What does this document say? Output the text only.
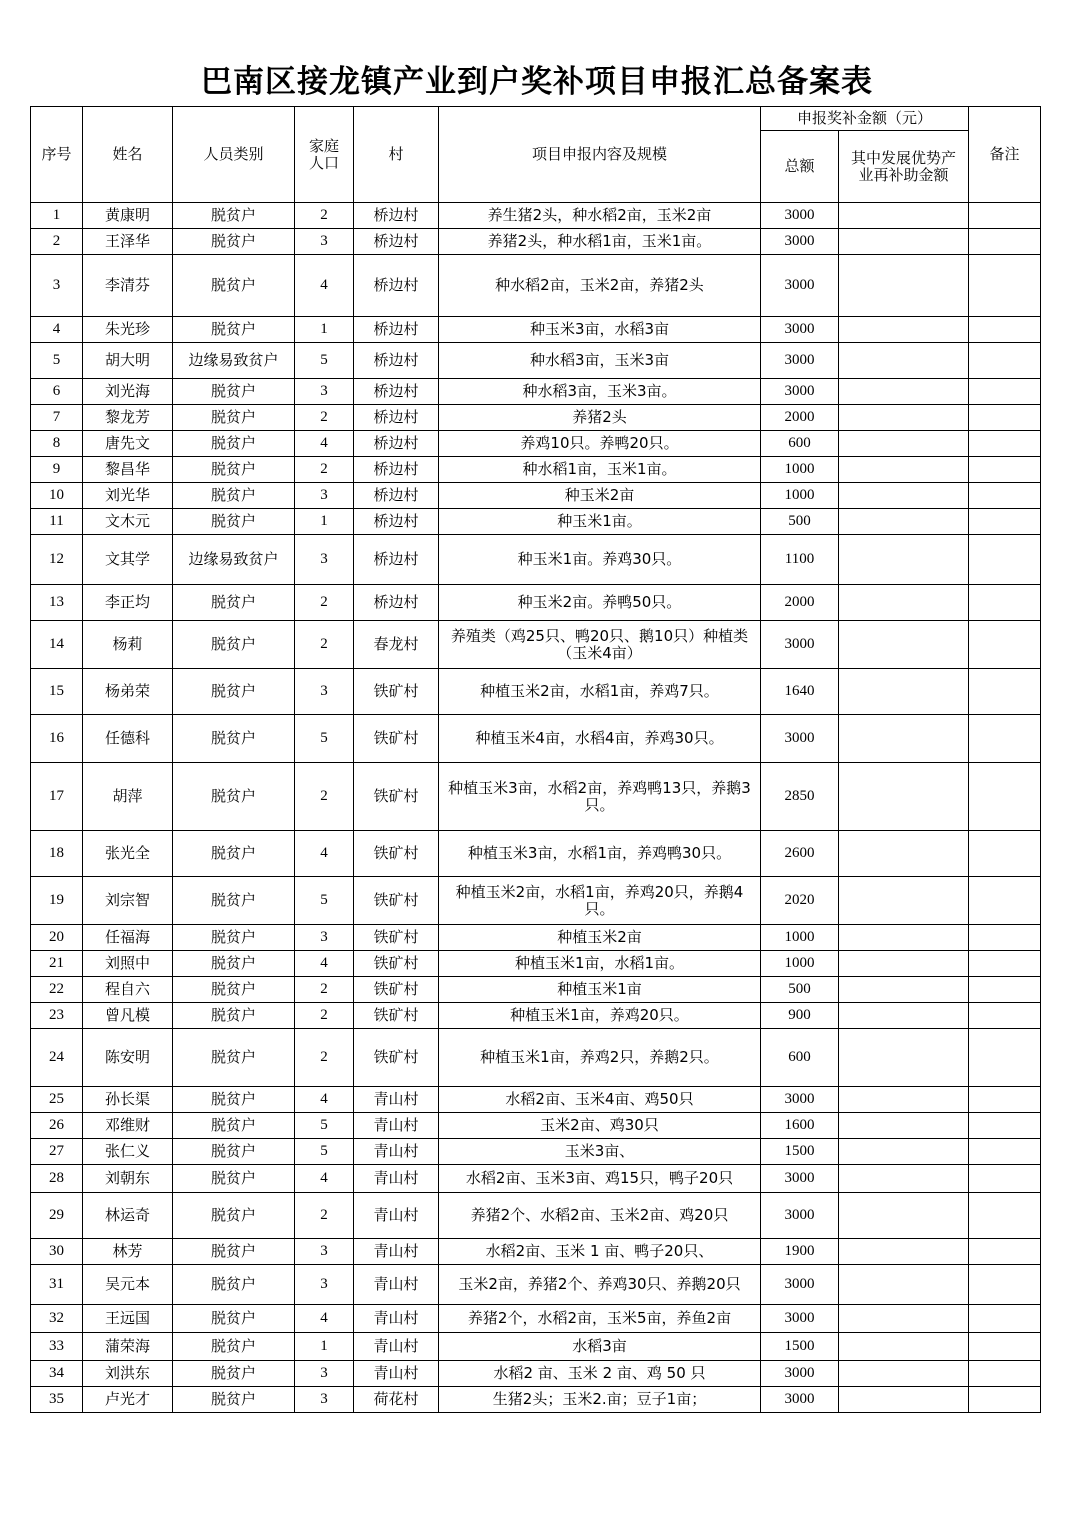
巴南区接龙镇产业到户奖补项目申报汇总备案表
序号	姓名	人员类别	家庭
人口	村	项目申报内容及规模	申报奖补金额（元）		备注
						总额	其中发展优势产业再补助金额	
1	黄康明	脱贫户	2	桥边村	养生猪2头，种水稻2亩，玉米2亩	3000		
2	王泽华	脱贫户	3	桥边村	养猪2头，种水稻1亩，玉米1亩。	3000		
3	李清芬	脱贫户	4	桥边村	种水稻2亩，玉米2亩，养猪2头	3000		
4	朱光珍	脱贫户	1	桥边村	种玉米3亩，水稻3亩	3000		
5	胡大明	边缘易致贫户	5	桥边村	种水稻3亩，玉米3亩	3000		
6	刘光海	脱贫户	3	桥边村	种水稻3亩，玉米3亩。	3000		
7	黎龙芳	脱贫户	2	桥边村	养猪2头	2000		
8	唐先文	脱贫户	4	桥边村	养鸡10只。养鸭20只。	600		
9	黎昌华	脱贫户	2	桥边村	种水稻1亩，玉米1亩。	1000		
10	刘光华	脱贫户	3	桥边村	种玉米2亩	1000		
11	文木元	脱贫户	1	桥边村	种玉米1亩。	500		
12	文其学	边缘易致贫户	3	桥边村	种玉米1亩。养鸡30只。	1100		
13	李正均	脱贫户	2	桥边村	种玉米2亩。养鸭50只。	2000		
14	杨莉	脱贫户	2	春龙村	养殖类（鸡25只、鸭20只、鹅10只）种植类（玉米4亩）	3000		
15	杨弟荣	脱贫户	3	铁矿村	种植玉米2亩，水稻1亩，养鸡7只。	1640		
16	任德科	脱贫户	5	铁矿村	种植玉米4亩，水稻4亩，养鸡30只。	3000		
17	胡萍	脱贫户	2	铁矿村	种植玉米3亩，水稻2亩，养鸡鸭13只，养鹅3只。	2850		
18	张光全	脱贫户	4	铁矿村	种植玉米3亩，水稻1亩，养鸡鸭30只。	2600		
19	刘宗智	脱贫户	5	铁矿村	种植玉米2亩，水稻1亩，养鸡20只，养鹅4只。	2020		
20	任福海	脱贫户	3	铁矿村	种植玉米2亩	1000		
21	刘照中	脱贫户	4	铁矿村	种植玉米1亩，水稻1亩。	1000		
22	程自六	脱贫户	2	铁矿村	种植玉米1亩	500		
23	曾凡模	脱贫户	2	铁矿村	种植玉米1亩，养鸡20只。	900		
24	陈安明	脱贫户	2	铁矿村	种植玉米1亩，养鸡2只，养鹅2只。	600		
25	孙长渠	脱贫户	4	青山村	水稻2亩、玉米4亩、鸡50只	3000		
26	邓维财	脱贫户	5	青山村	玉米2亩、鸡30只	1600		
27	张仁义	脱贫户	5	青山村	玉米3亩、	1500		
28	刘朝东	脱贫户	4	青山村	水稻2亩、玉米3亩、鸡15只，鸭子20只	3000		
29	林运奇	脱贫户	2	青山村	养猪2个、水稻2亩、玉米2亩、鸡20只	3000		
30	林芳	脱贫户	3	青山村	水稻2亩、玉米 1 亩、鸭子20只、	1900		
31	吴元本	脱贫户	3	青山村	玉米2亩，养猪2个、养鸡30只、养鹅20只	3000		
32	王远国	脱贫户	4	青山村	养猪2个，水稻2亩，玉米5亩，养鱼2亩	3000		
33	蒲荣海	脱贫户	1	青山村	水稻3亩	1500		
34	刘洪东	脱贫户	3	青山村	水稻2 亩、玉米 2 亩、鸡 50 只	3000		
35	卢光才	脱贫户	3	荷花村	生猪2头；玉米2.亩；豆子1亩；	3000		
